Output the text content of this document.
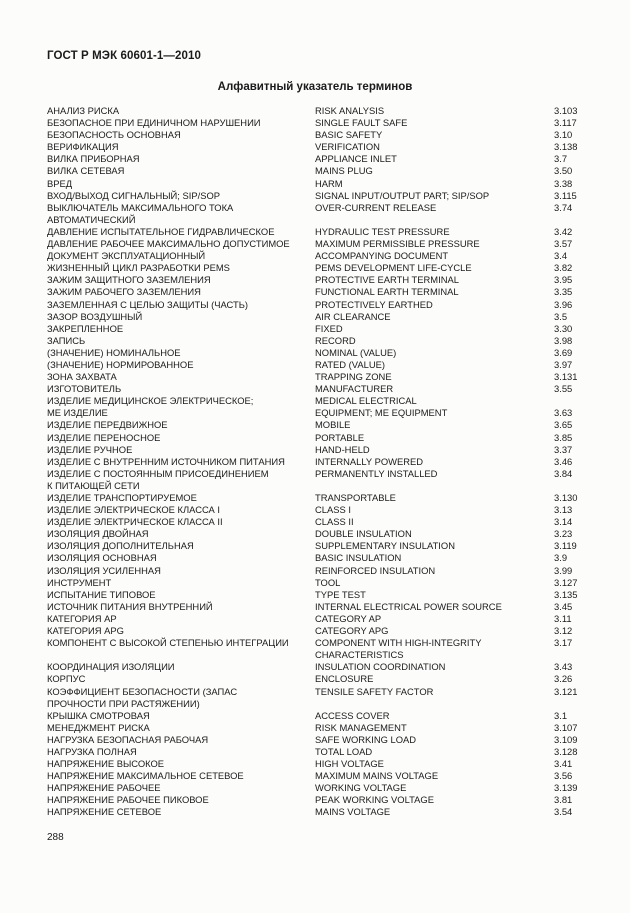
ГОСТ Р МЭК 60601-1—2010
Алфавитный указатель терминов
АНАЛИЗ РИСКА	RISK ANALYSIS	3.103
БЕЗОПАСНОЕ ПРИ ЕДИНИЧНОМ НАРУШЕНИИ	SINGLE FAULT SAFE	3.117
БЕЗОПАСНОСТЬ ОСНОВНАЯ	BASIC SAFETY	3.10
ВЕРИФИКАЦИЯ	VERIFICATION	3.138
ВИЛКА ПРИБОРНАЯ	APPLIANCE INLET	3.7
ВИЛКА СЕТЕВАЯ	MAINS PLUG	3.50
ВРЕД	HARM	3.38
ВХОД/ВЫХОД СИГНАЛЬНЫЙ; SIP/SOP	SIGNAL INPUT/OUTPUT PART; SIP/SOP	3.115
ВЫКЛЮЧАТЕЛЬ МАКСИМАЛЬНОГО ТОКА	OVER-CURRENT RELEASE	3.74
АВТОМАТИЧЕСКИЙ
ДАВЛЕНИЕ ИСПЫТАТЕЛЬНОЕ ГИДРАВЛИЧЕСКОЕ	HYDRAULIC TEST PRESSURE	3.42
ДАВЛЕНИЕ РАБОЧЕЕ МАКСИМАЛЬНО ДОПУСТИМОЕ	MAXIMUM PERMISSIBLE PRESSURE	3.57
ДОКУМЕНТ ЭКСПЛУАТАЦИОННЫЙ	ACCOMPANYING DOCUMENT	3.4
ЖИЗНЕННЫЙ ЦИКЛ РАЗРАБОТКИ PEMS	PEMS DEVELOPMENT LIFE-CYCLE	3.82
ЗАЖИМ ЗАЩИТНОГО ЗАЗЕМЛЕНИЯ	PROTECTIVE EARTH TERMINAL	3.95
ЗАЖИМ РАБОЧЕГО ЗАЗЕМЛЕНИЯ	FUNCTIONAL EARTH TERMINAL	3.35
ЗАЗЕМЛЕННАЯ С ЦЕЛЬЮ ЗАЩИТЫ (ЧАСТЬ)	PROTECTIVELY EARTHED	3.96
ЗАЗОР ВОЗДУШНЫЙ	AIR CLEARANCE	3.5
ЗАКРЕПЛЕННОЕ	FIXED	3.30
ЗАПИСЬ	RECORD	3.98
(ЗНАЧЕНИЕ) НОМИНАЛЬНОЕ	NOMINAL (VALUE)	3.69
(ЗНАЧЕНИЕ) НОРМИРОВАННОЕ	RATED (VALUE)	3.97
ЗОНА ЗАХВАТА	TRAPPING ZONE	3.131
ИЗГОТОВИТЕЛЬ	MANUFACTURER	3.55
ИЗДЕЛИЕ МЕДИЦИНСКОЕ ЭЛЕКТРИЧЕСКОЕ;	MEDICAL ELECTRICAL
МЕ ИЗДЕЛИЕ	EQUIPMENT; ME EQUIPMENT	3.63
ИЗДЕЛИЕ ПЕРЕДВИЖНОЕ	MOBILE	3.65
ИЗДЕЛИЕ ПЕРЕНОСНОЕ	PORTABLE	3.85
ИЗДЕЛИЕ РУЧНОЕ	HAND-HELD	3.37
ИЗДЕЛИЕ С ВНУТРЕННИМ ИСТОЧНИКОМ ПИТАНИЯ	INTERNALLY POWERED	3.46
ИЗДЕЛИЕ С ПОСТОЯННЫМ ПРИСОЕДИНЕНИЕМ	PERMANENTLY INSTALLED	3.84
К ПИТАЮЩЕЙ СЕТИ
ИЗДЕЛИЕ ТРАНСПОРТИРУЕМОЕ	TRANSPORTABLE	3.130
ИЗДЕЛИЕ ЭЛЕКТРИЧЕСКОЕ КЛАССА I	CLASS I	3.13
ИЗДЕЛИЕ ЭЛЕКТРИЧЕСКОЕ КЛАССА II	CLASS II	3.14
ИЗОЛЯЦИЯ ДВОЙНАЯ	DOUBLE INSULATION	3.23
ИЗОЛЯЦИЯ ДОПОЛНИТЕЛЬНАЯ	SUPPLEMENTARY INSULATION	3.119
ИЗОЛЯЦИЯ ОСНОВНАЯ	BASIC INSULATION	3.9
ИЗОЛЯЦИЯ УСИЛЕННАЯ	REINFORCED INSULATION	3.99
ИНСТРУМЕНТ	TOOL	3.127
ИСПЫТАНИЕ ТИПОВОЕ	TYPE TEST	3.135
ИСТОЧНИК ПИТАНИЯ ВНУТРЕННИЙ	INTERNAL ELECTRICAL POWER SOURCE	3.45
КАТЕГОРИЯ АР	CATEGORY AP	3.11
КАТЕГОРИЯ APG	CATEGORY APG	3.12
КОМПОНЕНТ С ВЫСОКОЙ СТЕПЕНЬЮ ИНТЕГРАЦИИ	COMPONENT WITH HIGH-INTEGRITY	3.17
CHARACTERISTICS
КООРДИНАЦИЯ ИЗОЛЯЦИИ	INSULATION COORDINATION	3.43
КОРПУС	ENCLOSURE	3.26
КОЭФФИЦИЕНТ БЕЗОПАСНОСТИ (ЗАПАС	TENSILE SAFETY FACTOR	3.121
ПРОЧНОСТИ ПРИ РАСТЯЖЕНИИ)
КРЫШКА СМОТРОВАЯ	ACCESS COVER	3.1
МЕНЕДЖМЕНТ РИСКА	RISK MANAGEMENT	3.107
НАГРУЗКА БЕЗОПАСНАЯ РАБОЧАЯ	SAFE WORKING LOAD	3.109
НАГРУЗКА ПОЛНАЯ	TOTAL LOAD	3.128
НАПРЯЖЕНИЕ ВЫСОКОЕ	HIGH VOLTAGE	3.41
НАПРЯЖЕНИЕ МАКСИМАЛЬНОЕ СЕТЕВОЕ	MAXIMUM MAINS VOLTAGE	3.56
НАПРЯЖЕНИЕ РАБОЧЕЕ	WORKING VOLTAGE	3.139
НАПРЯЖЕНИЕ РАБОЧЕЕ ПИКОВОЕ	PEAK WORKING VOLTAGE	3.81
НАПРЯЖЕНИЕ СЕТЕВОЕ	MAINS VOLTAGE	3.54
288
